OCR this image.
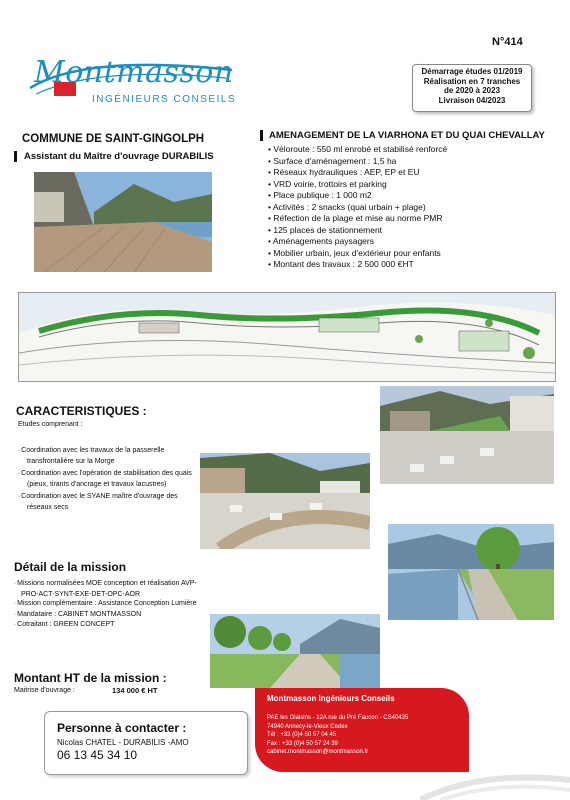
N°414
Montmasson
INGÉNIEURS CONSEILS
Démarrage études 01/2019
Réalisation en 7 tranches
de 2020 à 2023
Livraison 04/2023
COMMUNE DE SAINT-GINGOLPH
Assistant du Maître d'ouvrage DURABILIS
AMENAGEMENT DE LA VIARHONA ET DU QUAI CHEVALLAY
• Véloroute : 550 ml enrobé et stabilisé renforcé
• Surface d'aménagement : 1,5 ha
• Réseaux hydrauliques : AEP, EP et EU
• VRD voirie, trottoirs et parking
• Place publique : 1 000 m2
• Activités : 2 snacks (quai urbain + plage)
• Réfection de la plage et mise au norme PMR
• 125 places de stationnement
• Aménagements paysagers
• Mobilier urbain, jeux d'extérieur pour enfants
• Montant des travaux : 2 500 000 €HT
CARACTERISTIQUES :
Etudes comprenant :
▫ Coordination avec les travaux de la passerelle transfrontalière sur la Morge
▫ Coordination avec l'opération de stabilisation des quais (pieux, tirants d'ancrage et travaux lacustres)
▫ Coordination avec le SYANE maître d'ouvrage des réseaux secs
Détail de la mission
▫ Missions normalisées MOE conception et réalisation AVP-PRO-ACT-SYNT-EXE-DET-OPC-AOR
▫ Mission complémentaire : Assistance Conception Lumière
▫ Mandataire : CABINET MONTMASSON
▫ Cotraitant : GREEN CONCEPT
Montant HT de la mission :
Maitrise d'ouvrage :	134 000 € HT
Personne à contacter :
Nicolas CHATEL - DURABILIS -AMO
06 13 45 34 10
Montmasson Ingénieurs Conseils
PAE les Glaisins - 12A rue du Pré Faucon - CS40435
74940 Annecy-le-Vieux Cedex
Tél : +33 (0)4 50 57 04 45
Fax : +33 (0)4 50 57 24 39
cabinet.montmasson@montmasson.fr
